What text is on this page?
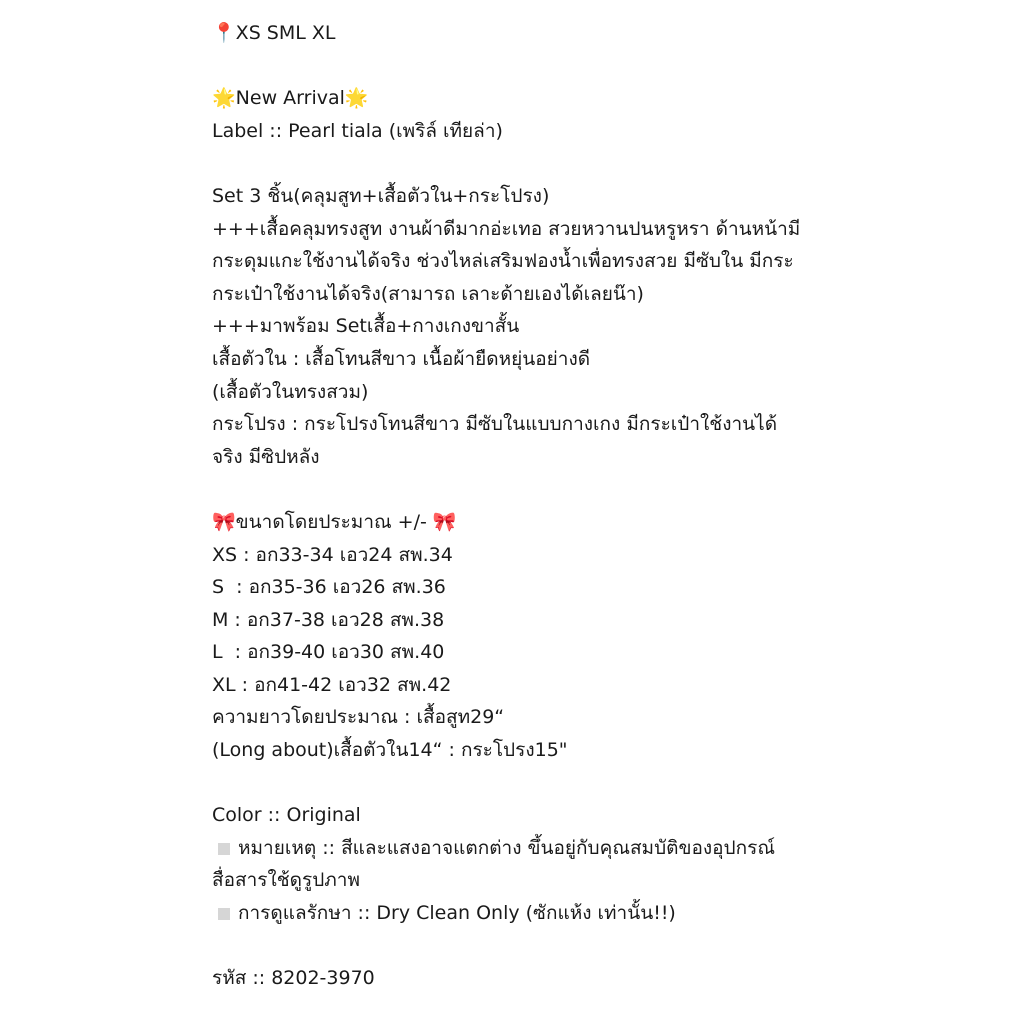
📍XS SML XL
🌟New Arrival🌟
Label :: Pearl tiala (เพริล์ เทียล่า)
Set 3 ชิ้น(คลุมสูท+เสื้อตัวใน+กระโปรง)
+++เสื้อคลุมทรงสูท งานผ้าดีมากอ่ะเทอ สวยหวานปนหรูหรา ด้านหน้ามี
กระดุมแกะใช้งานได้จริง ช่วงไหล่เสริมฟองน้ำเพื่อทรงสวย มีซับใน มีกระ
กระเป๋าใช้งานได้จริง(สามารถ เลาะด้ายเองได้เลยน๊า)
+++มาพร้อม Setเสื้อ+กางเกงขาสั้น
เสื้อตัวใน : เสื้อโทนสีขาว เนื้อผ้ายืดหยุ่นอย่างดี
(เสื้อตัวในทรงสวม)
กระโปรง : กระโปรงโทนสีขาว มีซับในแบบกางเกง มีกระเป๋าใช้งานได้
จริง มีซิปหลัง
🎀ขนาดโดยประมาณ +/- 🎀
XS : อก33-34 เอว24 สพ.34
S  : อก35-36 เอว26 สพ.36
M : อก37-38 เอว28 สพ.38
L  : อก39-40 เอว30 สพ.40
XL : อก41-42 เอว32 สพ.42
ความยาวโดยประมาณ : เสื้อสูท29“
(Long about)เสื้อตัวใน14“ : กระโปรง15"
Color :: Original
หมายเหตุ :: สีและแสงอาจแตกต่าง ขึ้นอยู่กับคุณสมบัติของอุปกรณ์
สื่อสารใช้ดูรูปภาพ
การดูแลรักษา :: Dry Clean Only (ซักแห้ง เท่านั้น!!)
รหัส :: 8202-3970
